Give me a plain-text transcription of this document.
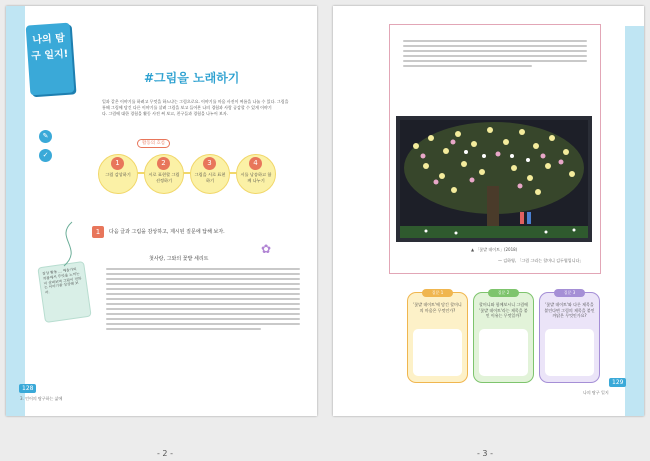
나의 탐구 일지!
✎
✓
#그림을 노래하기
일과 같은 이야기를 하려고 무엇을 하느냐는 그림으로요. 이야기를 마음 사진이 여름을 나눌 수 있다. 그림을
통해 그림에 담긴 다른 이야기를 살려 그림을 보고 들어본 나의 경험과 사람 공감할 수 있게 이야기
다. 그림에 대한 경험을 활동 사전 써 보고, 친구들과 경험을 나누어 보자.
활동의 흐름
1
그림 감상하기
2
시로 표현할 그림 선정하기
3
그림을 시로 표현하기
4
시를 낭송하고 함께 나누기
1	다음 글과 그림을 감상하고, 제시된 질문에 답해 보자.
감상 활동 ... 예술가의 작품에서 무엇을 느끼는지 살펴보며 그림이 전하는 이야기를 상상해 보자.
✿
첫사랑, 그와의 꽃밭 세리트
128
3. 언어의 탐구하는 삶에
▲ 「꽃밭 데이트」(2018)
— 김하영, 「그림 그리는 할머니 김두엽입니다」
질문 1
'꽃밭 데이트'에 담긴 할머니의 마음은 무엇인가?
질문 2
할머니와 함께보시니 그림에 '꽃밭 데이트'라는 제목을 붙인 이유는 무엇일까?
질문 3
'꽃밭 데이트'와 다른 제목을 붙인다면 그림의 제목을 붙인 까닭은 무엇인가요?
129
나의 탐구 일지
- 2 -	- 3 -
